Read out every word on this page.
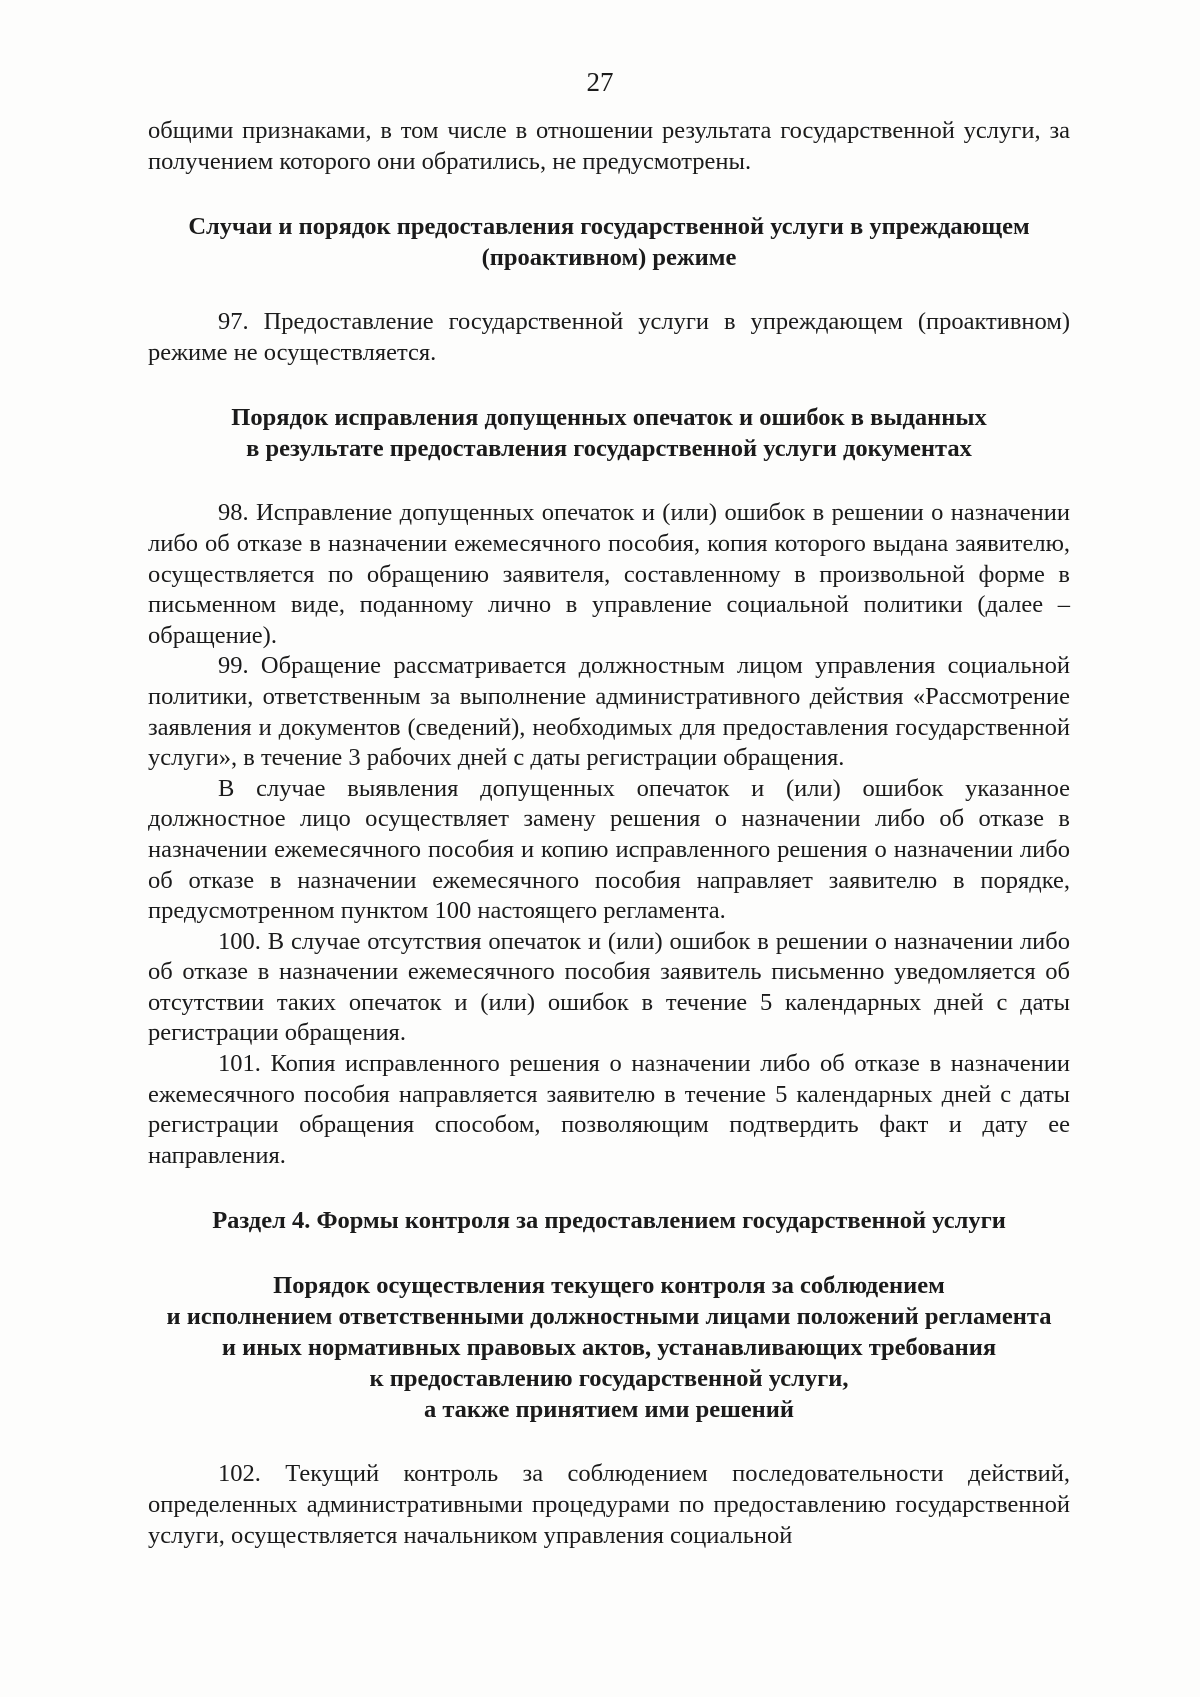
27

общими признаками, в том числе в отношении результата государственной услуги, за получением которого они обратились, не предусмотрены.

Случаи и порядок предоставления государственной услуги в упреждающем
(проактивном) режиме

97. Предоставление государственной услуги в упреждающем (проактивном) режиме не осуществляется.

Порядок исправления допущенных опечаток и ошибок в выданных
в результате предоставления государственной услуги документах

98. Исправление допущенных опечаток и (или) ошибок в решении о назначении либо об отказе в назначении ежемесячного пособия, копия которого выдана заявителю, осуществляется по обращению заявителя, составленному в произвольной форме в письменном виде, поданному лично в управление социальной политики (далее – обращение).

99. Обращение рассматривается должностным лицом управления социальной политики, ответственным за выполнение административного действия «Рассмотрение заявления и документов (сведений), необходимых для предоставления государственной услуги», в течение 3 рабочих дней с даты регистрации обращения.

В случае выявления допущенных опечаток и (или) ошибок указанное должностное лицо осуществляет замену решения о назначении либо об отказе в назначении ежемесячного пособия и копию исправленного решения о назначении либо об отказе в назначении ежемесячного пособия направляет заявителю в порядке, предусмотренном пунктом 100 настоящего регламента.

100. В случае отсутствия опечаток и (или) ошибок в решении о назначении либо об отказе в назначении ежемесячного пособия заявитель письменно уведомляется об отсутствии таких опечаток и (или) ошибок в течение 5 календарных дней с даты регистрации обращения.

101. Копия исправленного решения о назначении либо об отказе в назначении ежемесячного пособия направляется заявителю в течение 5 календарных дней с даты регистрации обращения способом, позволяющим подтвердить факт и дату ее направления.

Раздел 4. Формы контроля за предоставлением государственной услуги
Порядок осуществления текущего контроля за соблюдением
и исполнением ответственными должностными лицами положений регламента
и иных нормативных правовых актов, устанавливающих требования
к предоставлению государственной услуги,
а также принятием ими решений

102. Текущий контроль за соблюдением последовательности действий, определенных административными процедурами по предоставлению государственной услуги, осуществляется начальником управления социальной
